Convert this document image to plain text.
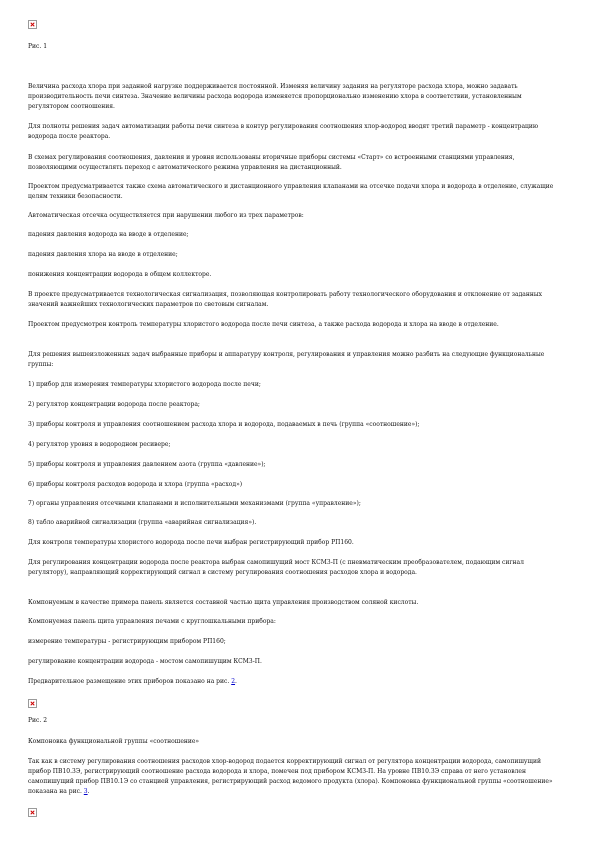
Рис. 1
Величина расхода хлора при заданной нагрузке поддерживается постоянной. Изменяя величину задания на регуляторе расхода хлора, можно задавать производительность печи синтеза. Значение величины расхода водорода изменяется пропорционально изменению хлора в соответствии, установленным регулятором соотношения.
Для полноты решения задач автоматизации работы печи синтеза в контур регулирования соотношения хлор-водород вводят третий параметр - концентрацию водорода после реактора.
В схемах регулирования соотношения, давления и уровня использованы вторичные приборы системы «Старт» со встроенными станциями управления, позволяющими осуществлять переход с автоматического режима управления на дистанционный.
Проектом предусматривается также схема автоматического и дистанционного управления клапанами на отсечке подачи хлора и водорода в отделение, служащие целям техники безопасности.
Автоматическая отсечка осуществляется при нарушении любого из трех параметров:
падения давления водорода на вводе в отделение;
падения давления хлора на вводе в отделение;
понижения концентрации водорода в общем коллекторе.
В проекте предусматривается технологическая сигнализация, позволяющая контролировать работу технологического оборудования и отклонение от заданных значений важнейших технологических параметров по световым сигналам.
Проектом предусмотрен контроль температуры хлористого водорода после печи синтеза, а также расхода водорода и хлора на вводе в отделение.
Для решения вышеизложенных задач выбранные приборы и аппаратуру контроля, регулирования и управления можно разбить на следующие функциональные группы:
1) прибор для измерения температуры хлористого водорода после печи;
2) регулятор концентрации водорода после реактора;
3) приборы контроля и управления соотношением расхода хлора и водорода, подаваемых в печь (группа «соотношение»);
4) регулятор уровня в водородном ресивере;
5) приборы контроля и управления давлением азота (группа «давление»);
6) приборы контроля расходов водорода и хлора (группа «расход»)
7) органы управления отсечными клапанами и исполнительными механизмами (группа «управление»);
8) табло аварийной сигнализации (группа «аварийная сигнализация»).
Для контроля температуры хлористого водорода после печи выбран регистрирующий прибор РП160.
Для регулирования концентрации водорода после реактора выбран самопишущий мост КСМ3-П (с пневматическим преобразователем, подающим сигнал регулятору), направляющий корректирующий сигнал в систему регулирования соотношения расходов хлора и водорода.
Компонуемым в качестве примера панель является составной частью щита управления производством соляной кислоты.
Компонуемая панель щита управления печами с круглошкальными прибора:
измерение температуры - регистрирующим прибором РП160;
регулирование концентрации водорода - мостом самопишущим КСМ3-П.
Предварительное размещение этих приборов показано на рис. 2.
Рис. 2
Компоновка функциональной группы «соотношение»
Так как в систему регулирования соотношения расходов хлор-водород подается корректирующий сигнал от регулятора концентрации водорода, самопишущий прибор ПВ10.3Э, регистрирующий соотношение расхода водорода и хлора, помечен под прибором КСМ3-П. На уровне ПВ10.3Э справа от него установлен самопишущий прибор ПВ10.1Э со станцией управления, регистрирующий расход ведомого продукта (хлора). Компоновка функциональной группы «соотношение» показана на рис. 3.
